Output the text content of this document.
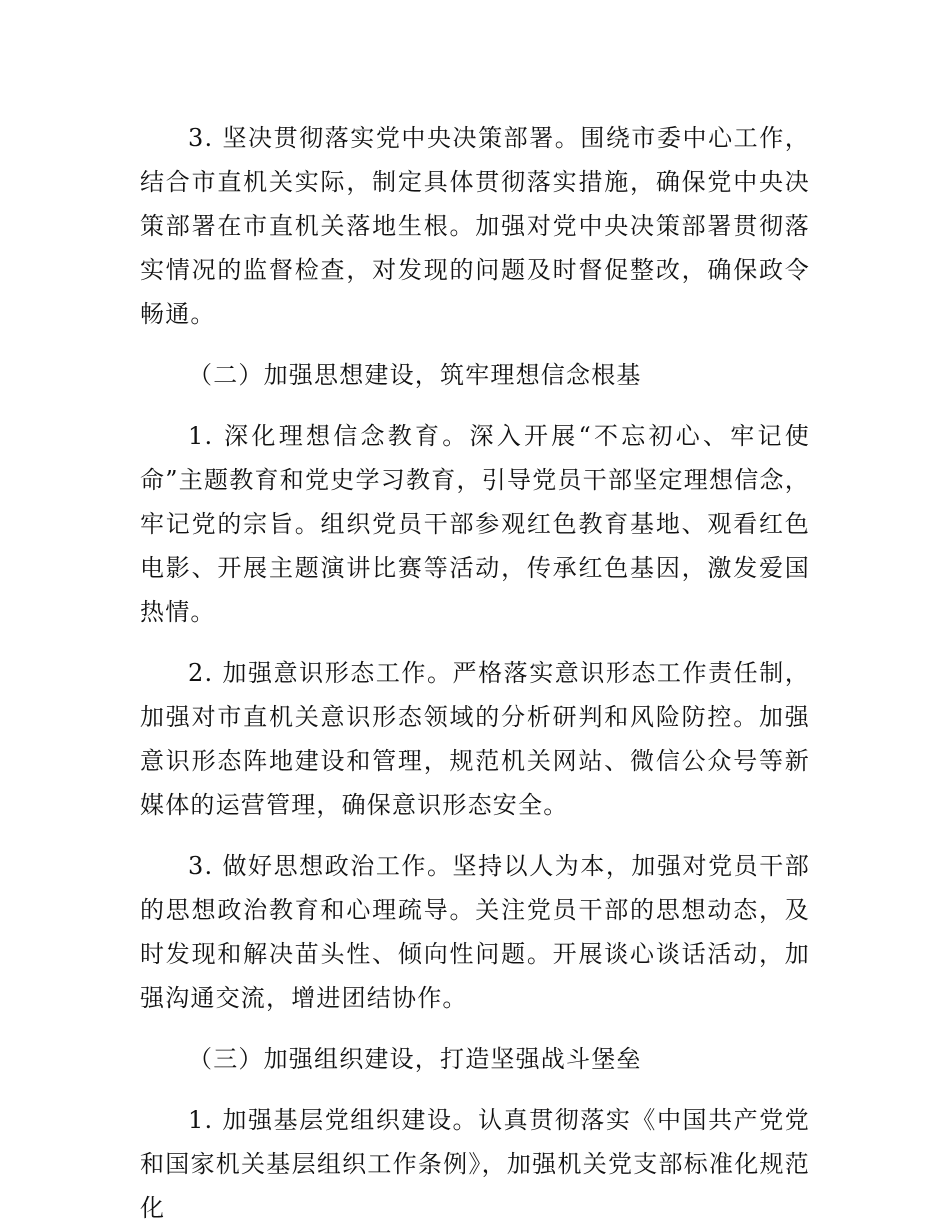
3. 坚决贯彻落实党中央决策部署。围绕市委中心工作，结合市直机关实际，制定具体贯彻落实措施，确保党中央决策部署在市直机关落地生根。加强对党中央决策部署贯彻落实情况的监督检查，对发现的问题及时督促整改，确保政令畅通。

（二）加强思想建设，筑牢理想信念根基

1. 深化理想信念教育。深入开展“不忘初心、牢记使命”主题教育和党史学习教育，引导党员干部坚定理想信念，牢记党的宗旨。组织党员干部参观红色教育基地、观看红色电影、开展主题演讲比赛等活动，传承红色基因，激发爱国热情。

2. 加强意识形态工作。严格落实意识形态工作责任制，加强对市直机关意识形态领域的分析研判和风险防控。加强意识形态阵地建设和管理，规范机关网站、微信公众号等新媒体的运营管理，确保意识形态安全。

3. 做好思想政治工作。坚持以人为本，加强对党员干部的思想政治教育和心理疏导。关注党员干部的思想动态，及时发现和解决苗头性、倾向性问题。开展谈心谈话活动，加强沟通交流，增进团结协作。

（三）加强组织建设，打造坚强战斗堡垒

1. 加强基层党组织建设。认真贯彻落实《中国共产党党和国家机关基层组织工作条例》，加强机关党支部标准化规范化
